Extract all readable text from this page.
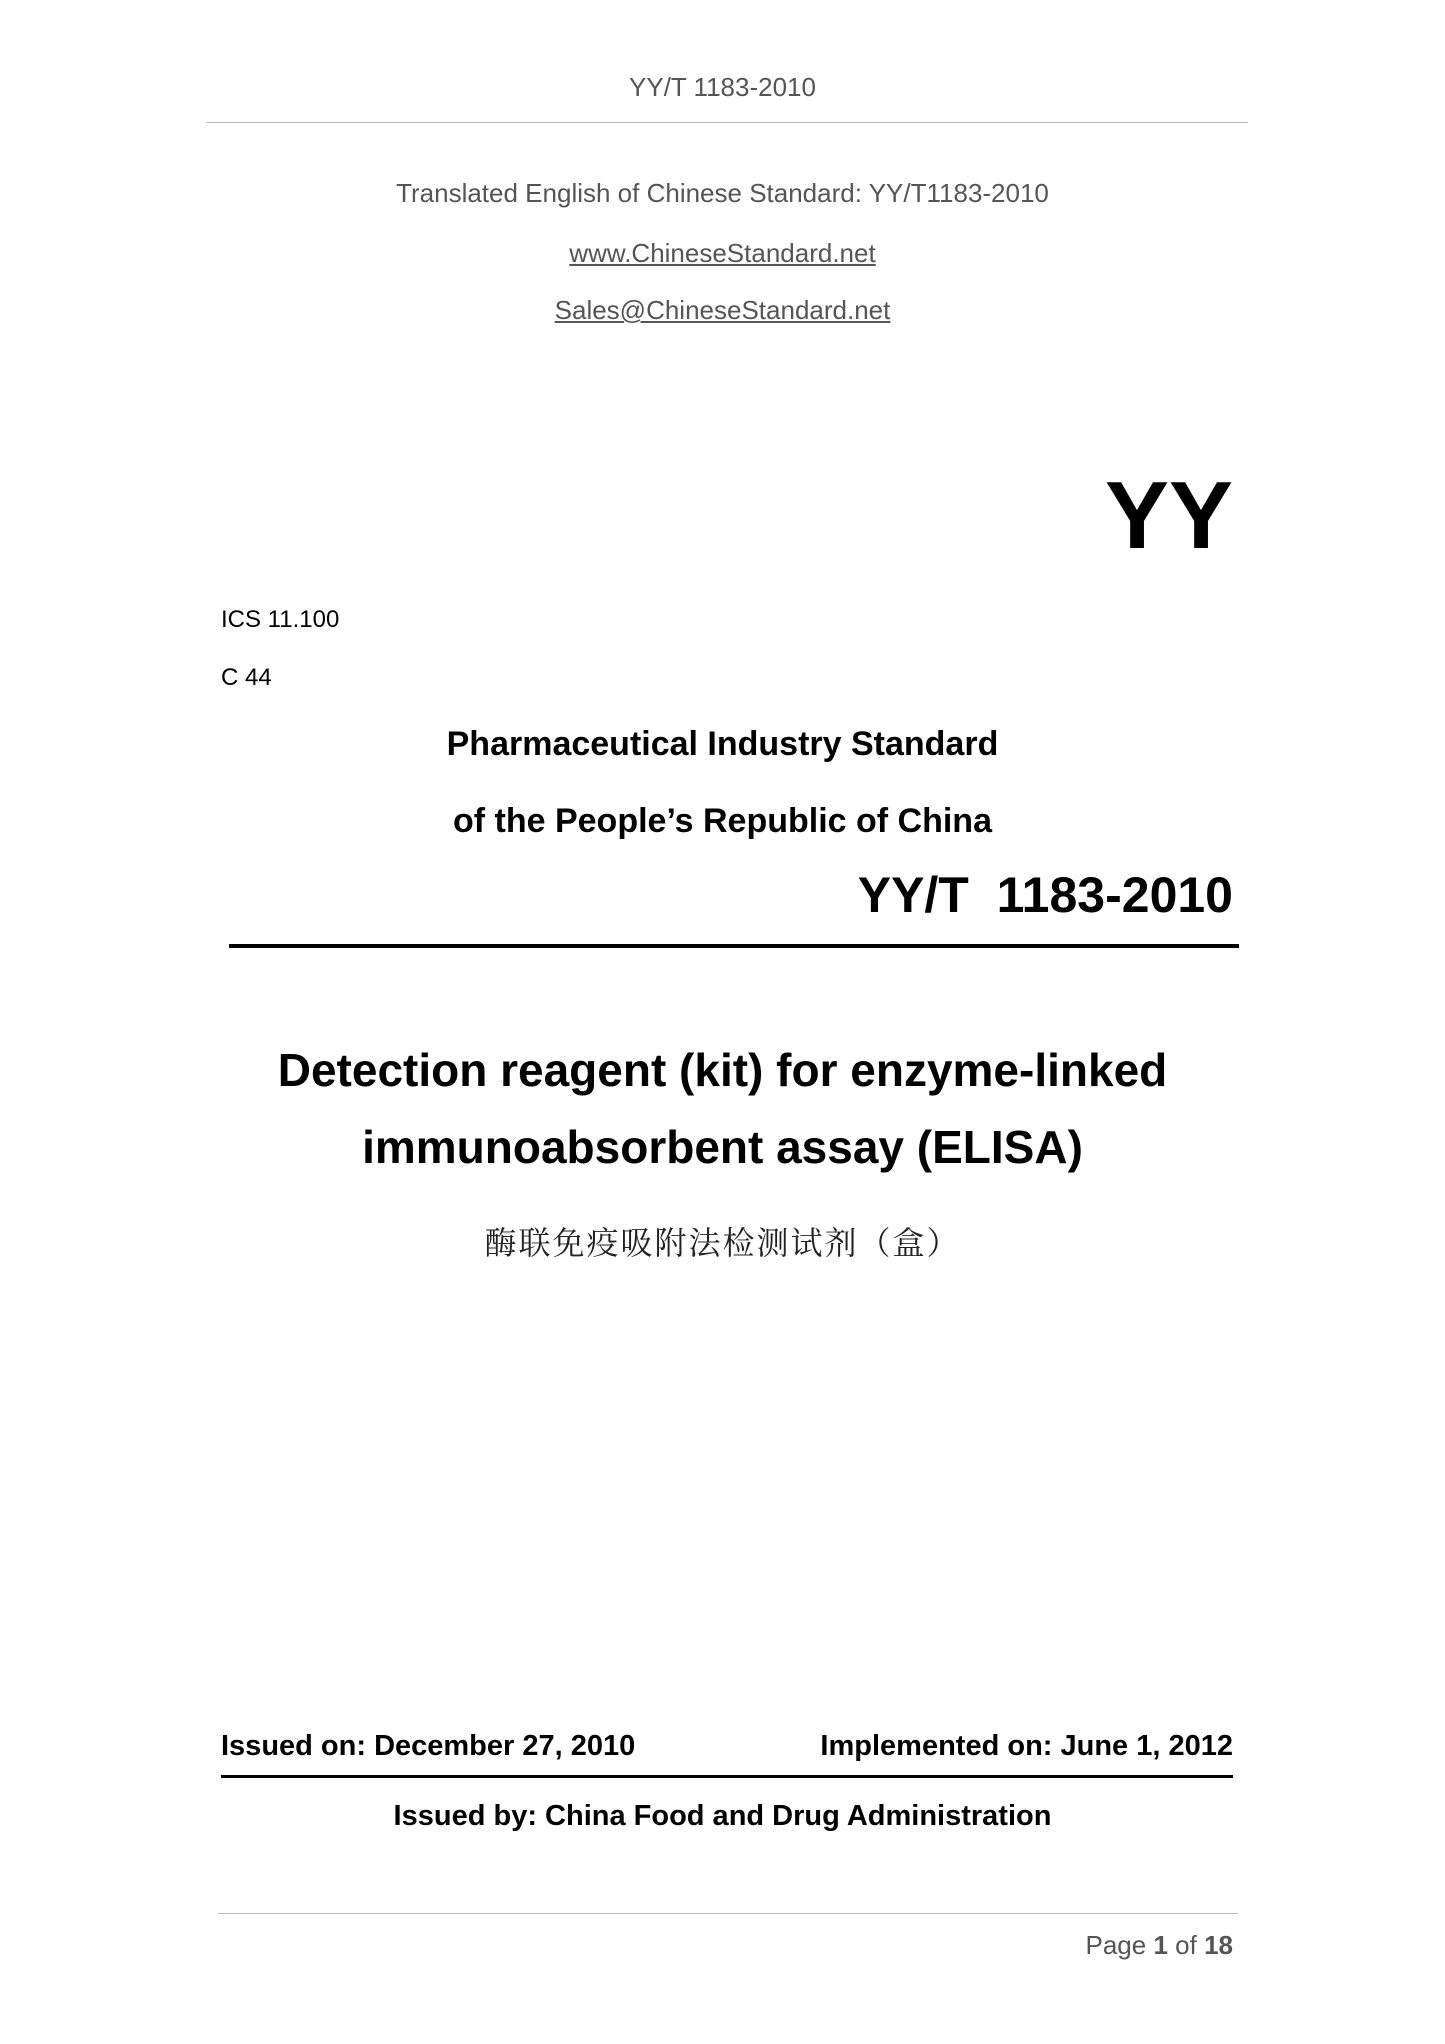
YY/T 1183-2010
Translated English of Chinese Standard: YY/T1183-2010
www.ChineseStandard.net
Sales@ChineseStandard.net
YY
ICS 11.100
C 44
Pharmaceutical Industry Standard
of the People’s Republic of China
YY/T  1183-2010
Detection reagent (kit) for enzyme-linked
immunoabsorbent assay (ELISA)
酶联免疫吸附法检测试剂（盒）
Issued on: December 27, 2010	Implemented on: June 1, 2012
Issued by: China Food and Drug Administration
Page 1 of 18
